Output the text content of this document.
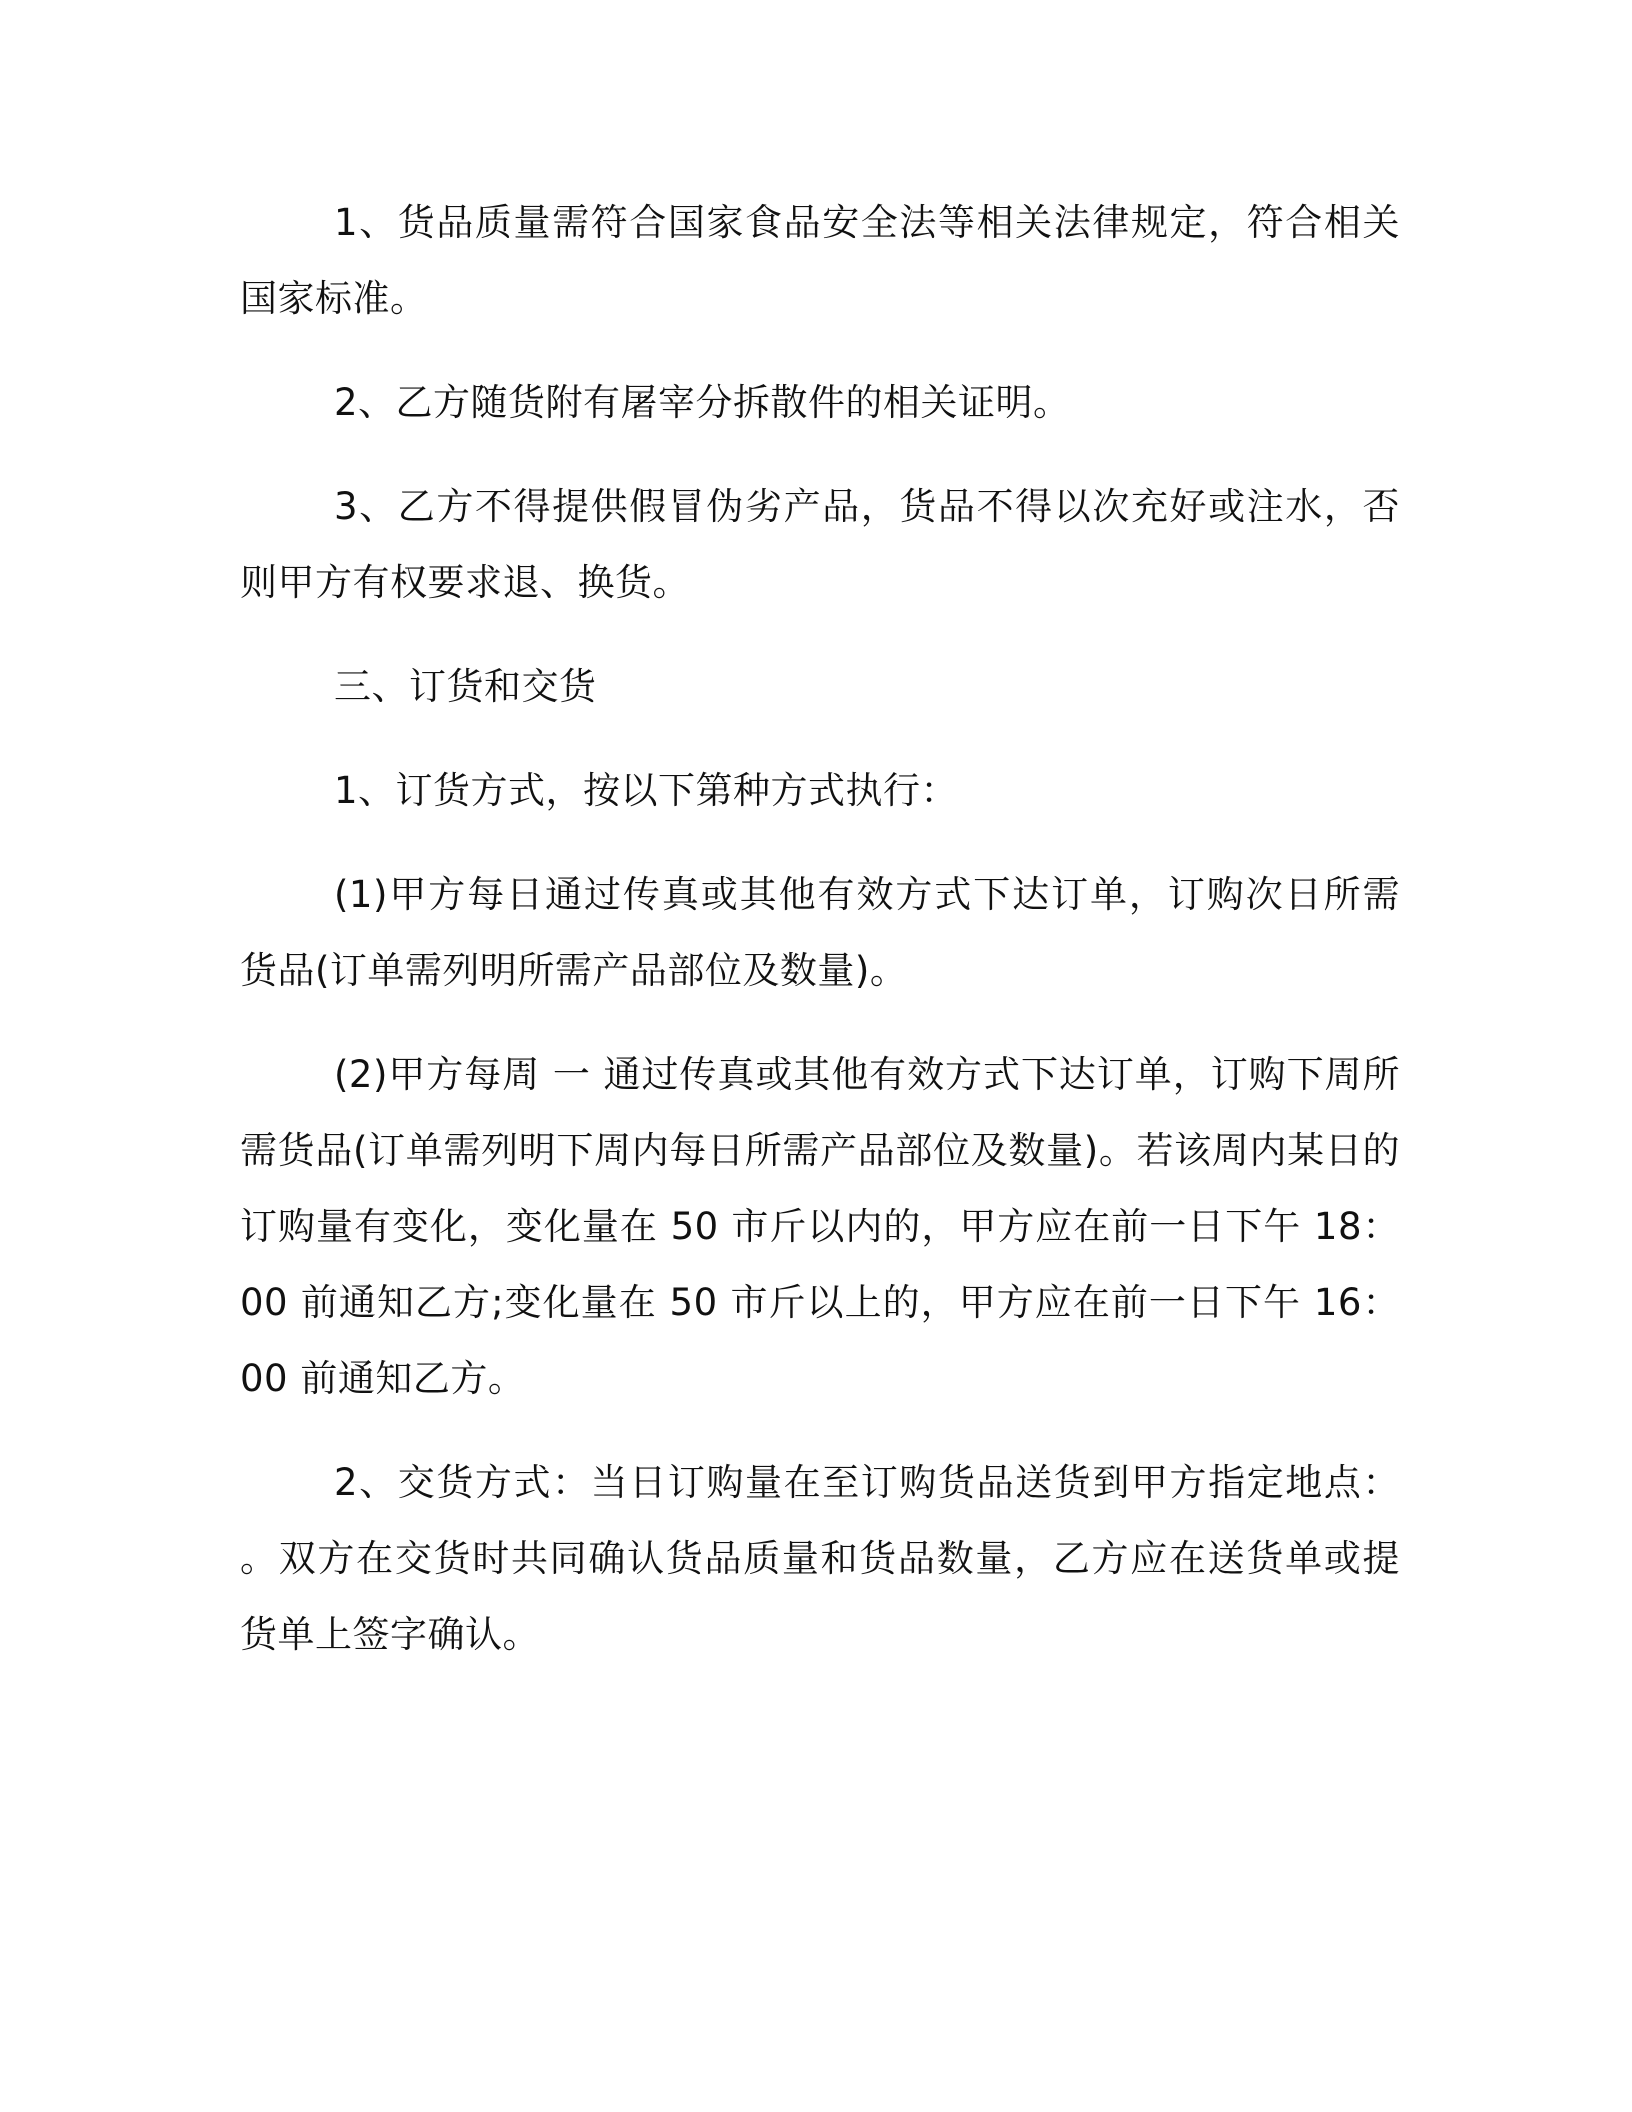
1、货品质量需符合国家食品安全法等相关法律规定，符合相关国家标准。

2、乙方随货附有屠宰分拆散件的相关证明。

3、乙方不得提供假冒伪劣产品，货品不得以次充好或注水，否则甲方有权要求退、换货。

三、订货和交货

1、订货方式，按以下第种方式执行：

(1)甲方每日通过传真或其他有效方式下达订单，订购次日所需货品(订单需列明所需产品部位及数量)。

(2)甲方每周 一 通过传真或其他有效方式下达订单，订购下周所需货品(订单需列明下周内每日所需产品部位及数量)。若该周内某日的订购量有变化，变化量在 50 市斤以内的，甲方应在前一日下午 18：00 前通知乙方;变化量在 50 市斤以上的，甲方应在前一日下午 16：00 前通知乙方。

2、交货方式：当日订购量在至订购货品送货到甲方指定地点： 。双方在交货时共同确认货品质量和货品数量，乙方应在送货单或提货单上签字确认。
